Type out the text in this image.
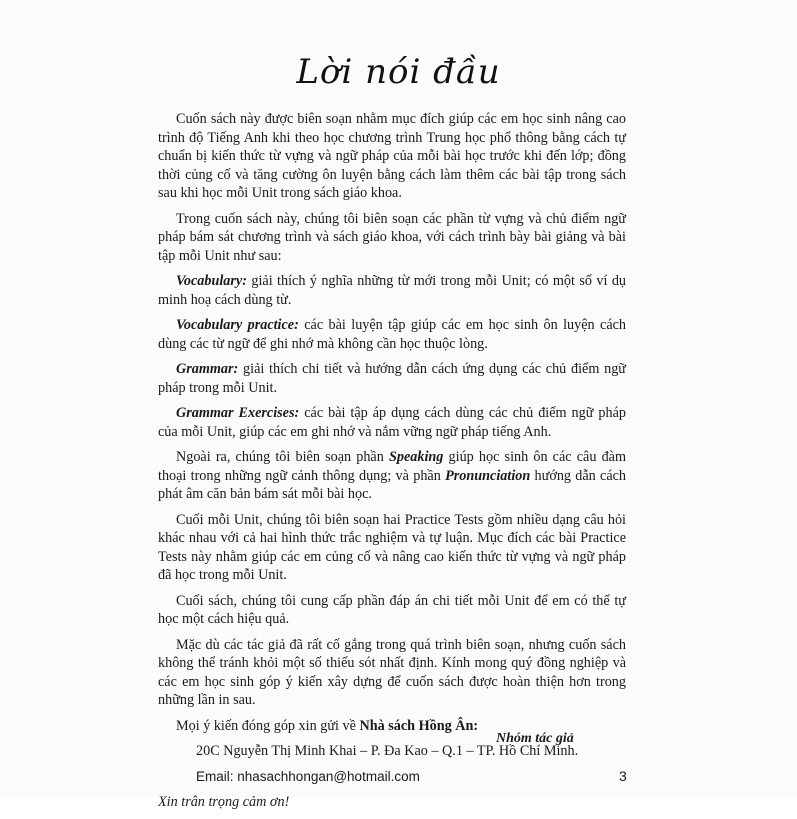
Lời nói đầu

Cuốn sách này được biên soạn nhằm mục đích giúp các em học sinh nâng cao trình độ Tiếng Anh khi theo học chương trình Trung học phổ thông bằng cách tự chuẩn bị kiến thức từ vựng và ngữ pháp của mỗi bài học trước khi đến lớp; đồng thời củng cố và tăng cường ôn luyện bằng cách làm thêm các bài tập trong sách sau khi học mỗi Unit trong sách giáo khoa.

Trong cuốn sách này, chúng tôi biên soạn các phần từ vựng và chủ điểm ngữ pháp bám sát chương trình và sách giáo khoa, với cách trình bày bài giảng và bài tập mỗi Unit như sau:

Vocabulary: giải thích ý nghĩa những từ mới trong mỗi Unit; có một số ví dụ minh hoạ cách dùng từ.

Vocabulary practice: các bài luyện tập giúp các em học sinh ôn luyện cách dùng các từ ngữ để ghi nhớ mà không cần học thuộc lòng.

Grammar: giải thích chi tiết và hướng dẫn cách ứng dụng các chủ điểm ngữ pháp trong mỗi Unit.

Grammar Exercises: các bài tập áp dụng cách dùng các chủ điểm ngữ pháp của mỗi Unit, giúp các em ghi nhớ và nắm vững ngữ pháp tiếng Anh.

Ngoài ra, chúng tôi biên soạn phần Speaking giúp học sinh ôn các câu đàm thoại trong những ngữ cảnh thông dụng; và phần Pronunciation hướng dẫn cách phát âm căn bản bám sát mỗi bài học.

Cuối mỗi Unit, chúng tôi biên soạn hai Practice Tests gồm nhiều dạng câu hỏi khác nhau với cả hai hình thức trắc nghiệm và tự luận. Mục đích các bài Practice Tests này nhằm giúp các em củng cố và nâng cao kiến thức từ vựng và ngữ pháp đã học trong mỗi Unit.

Cuối sách, chúng tôi cung cấp phần đáp án chi tiết mỗi Unit để em có thể tự học một cách hiệu quả.

Mặc dù các tác giả đã rất cố gắng trong quá trình biên soạn, nhưng cuốn sách không thể tránh khỏi một số thiếu sót nhất định. Kính mong quý đồng nghiệp và các em học sinh góp ý kiến xây dựng để cuốn sách được hoàn thiện hơn trong những lần in sau.

Mọi ý kiến đóng góp xin gửi về Nhà sách Hồng Ân:

20C Nguyễn Thị Minh Khai – P. Đa Kao – Q.1 – TP. Hồ Chí Minh.

Email: nhasachhongan@hotmail.com

Xin trân trọng cảm ơn!

Nhóm tác giả
3
